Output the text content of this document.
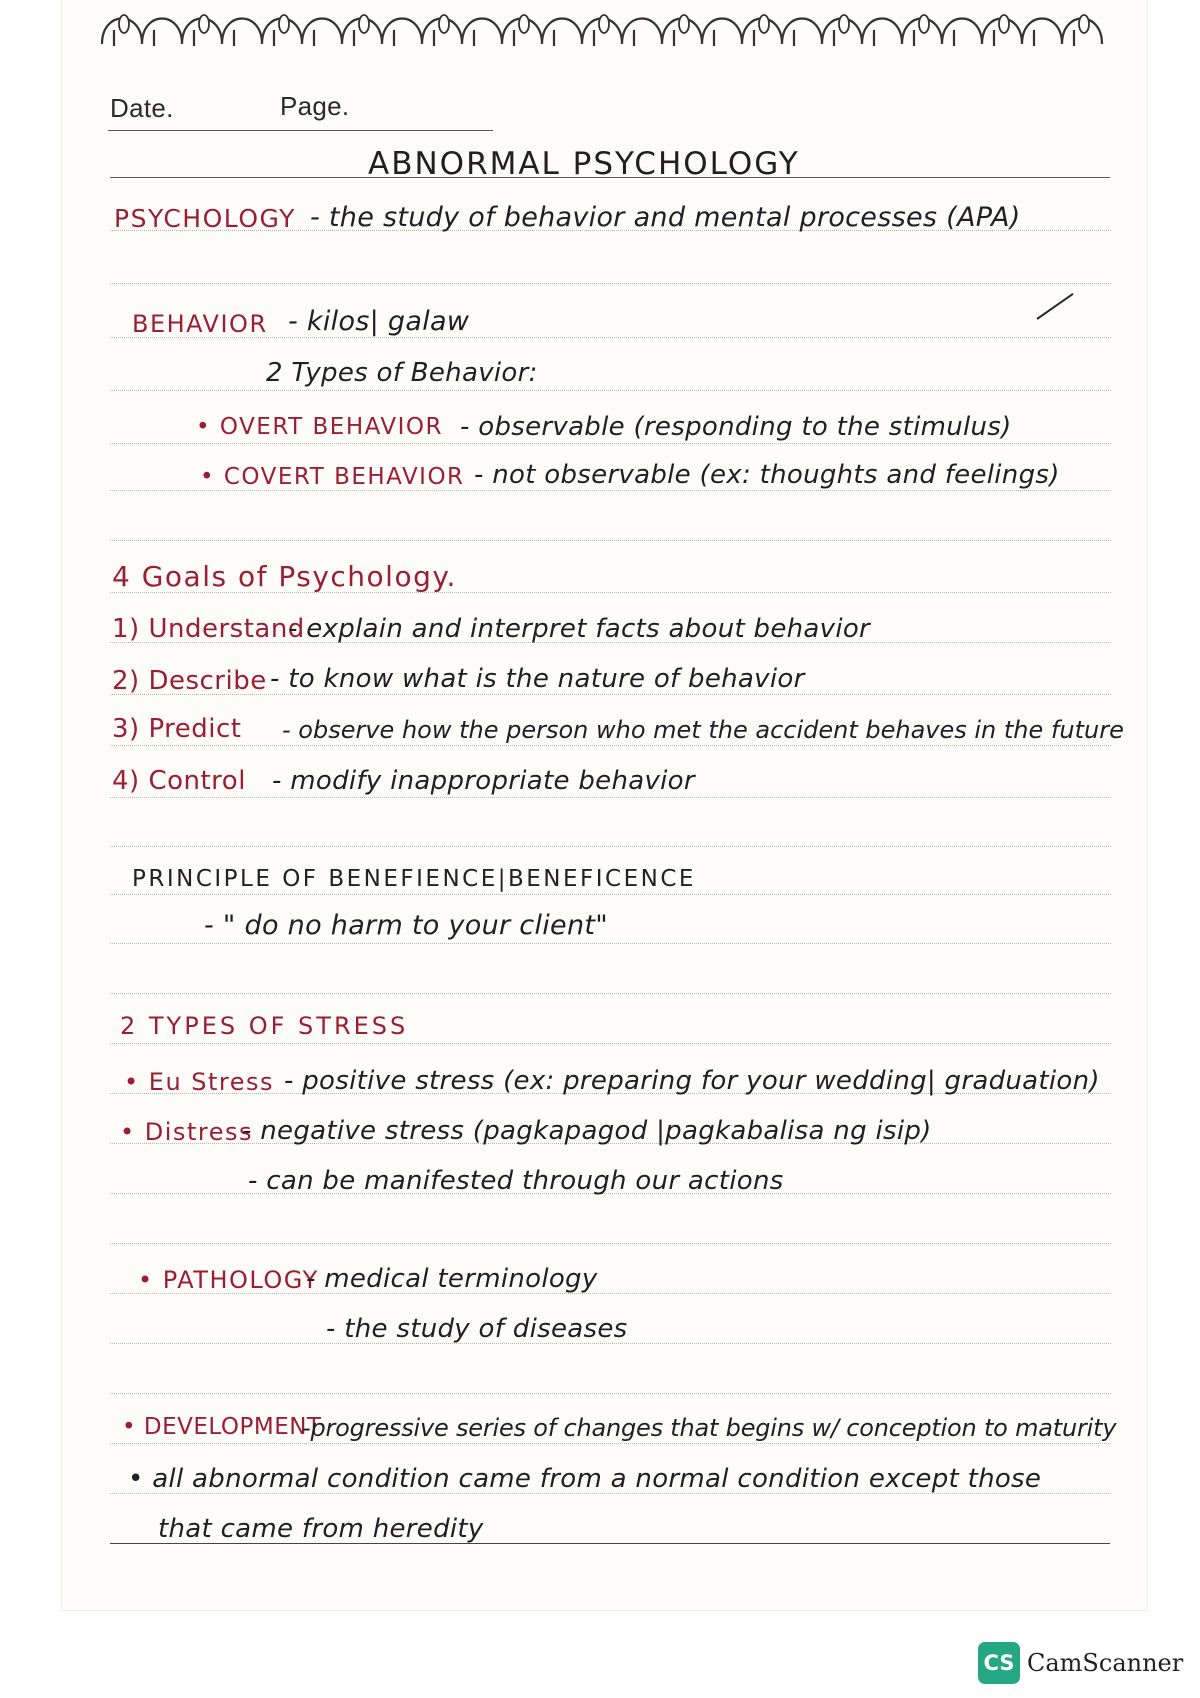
Date.	Page.
ABNORMAL PSYCHOLOGY
PSYCHOLOGY - the study of behavior and mental processes (APA)
BEHAVIOR - kilos| galaw
2 Types of Behavior:
• OVERT BEHAVIOR - observable (responding to the stimulus)
• COVERT BEHAVIOR - not observable (ex: thoughts and feelings)
4 Goals of Psychology.
1) Understand
- explain and interpret facts about behavior
2) Describe - to know what is the nature of behavior
3) Predict - observe how the person who met the accident behaves in the future
4) Control - modify inappropriate behavior
PRINCIPLE OF BENEFIENCE|BENEFICENCE
- " do no harm to your client"
2 TYPES OF STRESS
• Eu Stress - positive stress (ex: preparing for your wedding| graduation)
• Distress
- negative stress (pagkapagod |pagkabalisa ng isip)
- can be manifested through our actions
• PATHOLOGY
- medical terminology
- the study of diseases
• DEVELOPMENT
-progressive series of changes that begins w/ conception to maturity
• all abnormal condition came from a normal condition except those
that came from heredity
CS CamScanner
